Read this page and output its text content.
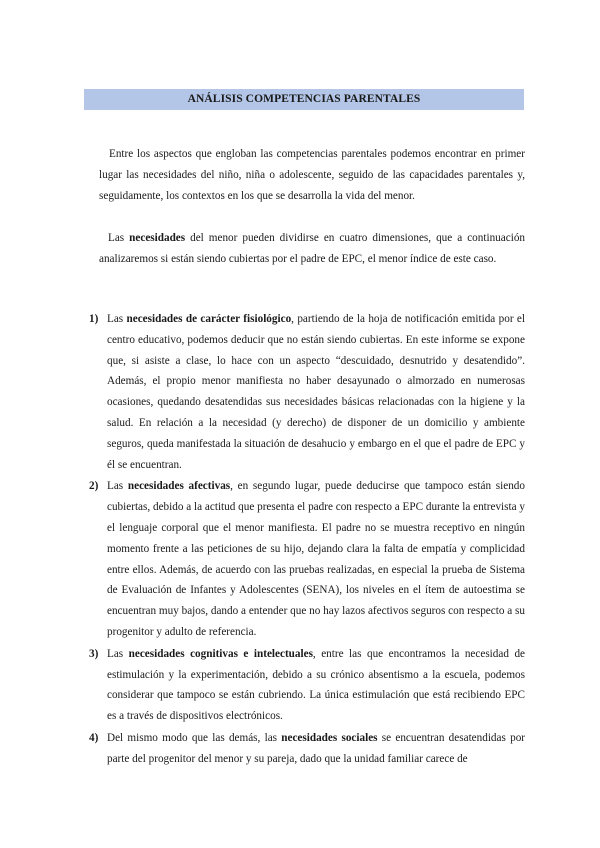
ANÁLISIS COMPETENCIAS PARENTALES

Entre los aspectos que engloban las competencias parentales podemos encontrar en primer lugar las necesidades del niño, niña o adolescente, seguido de las capacidades parentales y, seguidamente, los contextos en los que se desarrolla la vida del menor.

Las necesidades del menor pueden dividirse en cuatro dimensiones, que a continuación analizaremos si están siendo cubiertas por el padre de EPC, el menor índice de este caso.

1) Las necesidades de carácter fisiológico, partiendo de la hoja de notificación emitida por el centro educativo, podemos deducir que no están siendo cubiertas. En este informe se expone que, si asiste a clase, lo hace con un aspecto “descuidado, desnutrido y desatendido”. Además, el propio menor manifiesta no haber desayunado o almorzado en numerosas ocasiones, quedando desatendidas sus necesidades básicas relacionadas con la higiene y la salud. En relación a la necesidad (y derecho) de disponer de un domicilio y ambiente seguros, queda manifestada la situación de desahucio y embargo en el que el padre de EPC y él se encuentran.
2) Las necesidades afectivas, en segundo lugar, puede deducirse que tampoco están siendo cubiertas, debido a la actitud que presenta el padre con respecto a EPC durante la entrevista y el lenguaje corporal que el menor manifiesta. El padre no se muestra receptivo en ningún momento frente a las peticiones de su hijo, dejando clara la falta de empatía y complicidad entre ellos. Además, de acuerdo con las pruebas realizadas, en especial la prueba de Sistema de Evaluación de Infantes y Adolescentes (SENA), los niveles en el ítem de autoestima se encuentran muy bajos, dando a entender que no hay lazos afectivos seguros con respecto a su progenitor y adulto de referencia.
3) Las necesidades cognitivas e intelectuales, entre las que encontramos la necesidad de estimulación y la experimentación, debido a su crónico absentismo a la escuela, podemos considerar que tampoco se están cubriendo. La única estimulación que está recibiendo EPC es a través de dispositivos electrónicos.
4) Del mismo modo que las demás, las necesidades sociales se encuentran desatendidas por parte del progenitor del menor y su pareja, dado que la unidad familiar carece de
